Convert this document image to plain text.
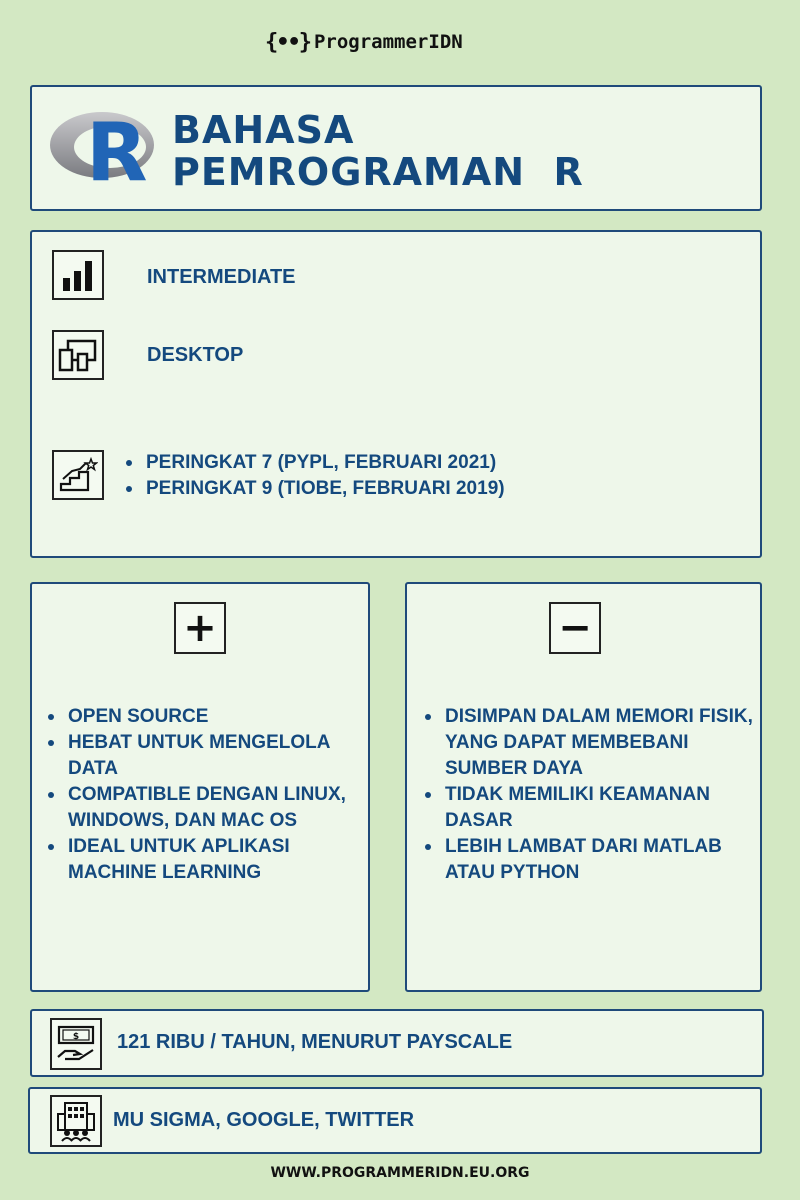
{••} ProgrammerIDN
R BAHASA
PEMROGRAMAN  R
INTERMEDIATE
DESKTOP
PERINGKAT 7 (PYPL, FEBRUARI 2021)
PERINGKAT 9 (TIOBE, FEBRUARI 2019)
+
OPEN SOURCE
HEBAT UNTUK MENGELOLA DATA
COMPATIBLE DENGAN LINUX, WINDOWS, DAN MAC OS
IDEAL UNTUK APLIKASI MACHINE LEARNING
−
DISIMPAN DALAM MEMORI FISIK, YANG DAPAT MEMBEBANI SUMBER DAYA
TIDAK MEMILIKI KEAMANAN DASAR
LEBIH LAMBAT DARI MATLAB ATAU PYTHON
$ 121 RIBU / TAHUN, MENURUT PAYSCALE
MU SIGMA, GOOGLE, TWITTER
WWW.PROGRAMMERIDN.EU.ORG
